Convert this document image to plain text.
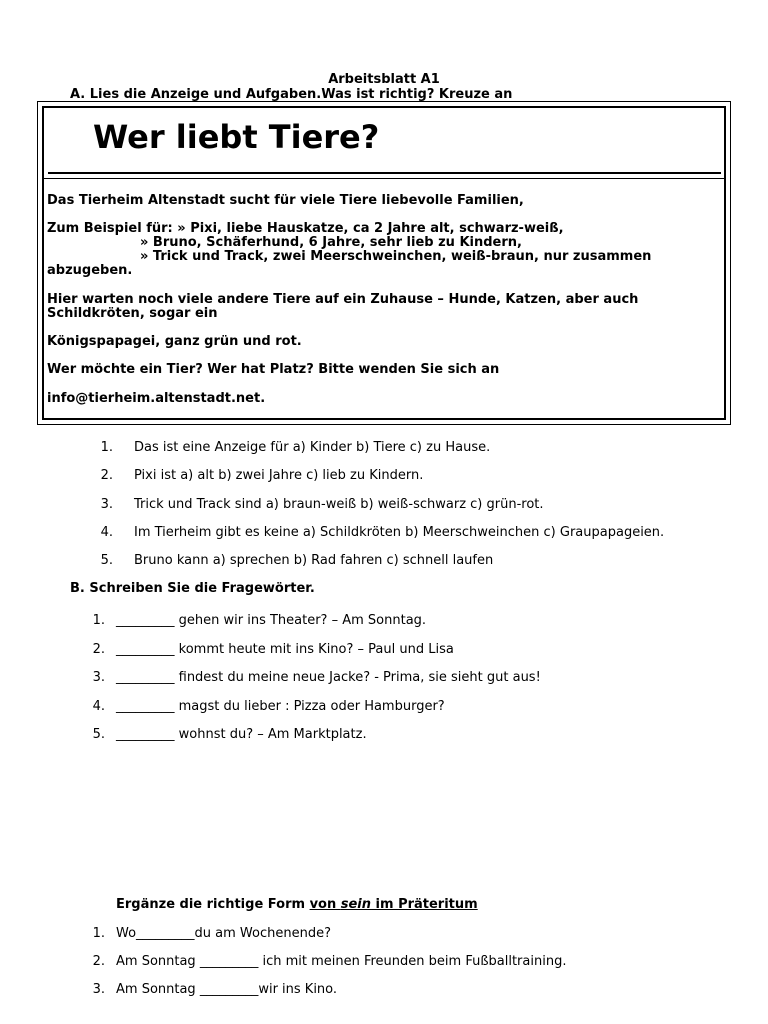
Arbeitsblatt A1
A. Lies die Anzeige und Aufgaben.Was ist richtig? Kreuze an
Wer liebt Tiere?
Das Tierheim Altenstadt sucht für viele Tiere liebevolle Familien,
Zum Beispiel für: » Pixi, liebe Hauskatze, ca 2 Jahre alt, schwarz-weiß,
» Bruno, Schäferhund, 6 Jahre, sehr lieb zu Kindern,
» Trick und Track, zwei Meerschweinchen, weiß-braun, nur zusammen
abzugeben.
Hier warten noch viele andere Tiere auf ein Zuhause – Hunde, Katzen, aber auch
Schildkröten, sogar ein
Königspapagei, ganz grün und rot.
Wer möchte ein Tier? Wer hat Platz? Bitte wenden Sie sich an
info@tierheim.altenstadt.net.
1. Das ist eine Anzeige für a) Kinder b) Tiere c) zu Hause.
2. Pixi ist a) alt b) zwei Jahre c) lieb zu Kindern.
3. Trick und Track sind a) braun-weiß b) weiß-schwarz c) grün-rot.
4. Im Tierheim gibt es keine a) Schildkröten b) Meerschweinchen c) Graupapageien.
5. Bruno kann a) sprechen b) Rad fahren c) schnell laufen
B. Schreiben Sie die Fragewörter.
1. _________ gehen wir ins Theater? – Am Sonntag.
2. _________ kommt heute mit ins Kino? – Paul und Lisa
3. _________ findest du meine neue Jacke? - Prima, sie sieht gut aus!
4. _________ magst du lieber : Pizza oder Hamburger?
5. _________ wohnst du? – Am Marktplatz.
Ergänze die richtige Form von sein im Präteritum
1. Wo_________du am Wochenende?
2. Am Sonntag _________ ich mit meinen Freunden beim Fußballtraining.
3. Am Sonntag _________wir ins Kino.
